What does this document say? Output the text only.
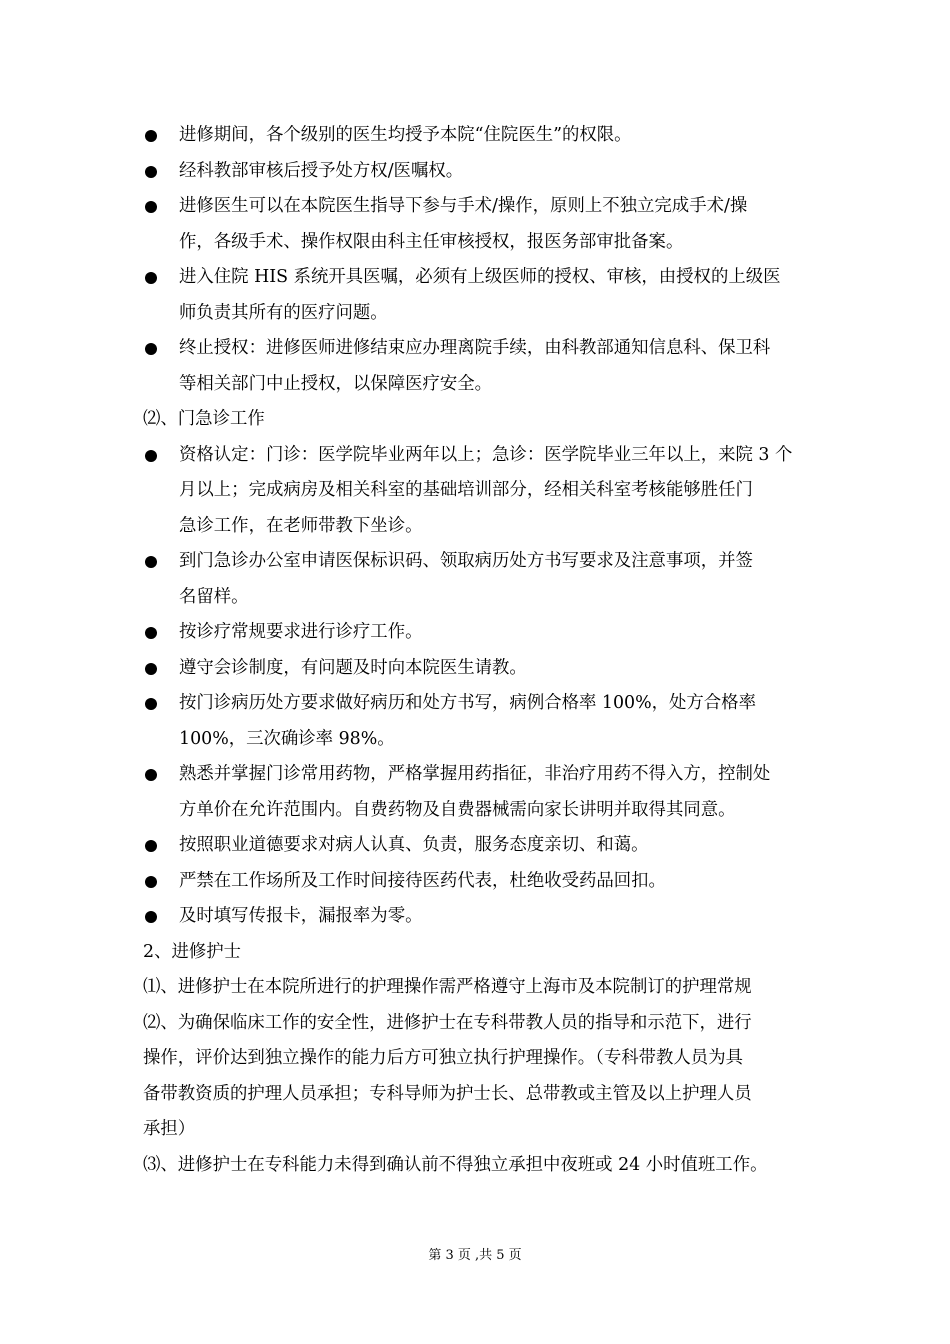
进修期间，各个级别的医生均授予本院“住院医生”的权限。
经科教部审核后授予处方权/医嘱权。
进修医生可以在本院医生指导下参与手术/操作，原则上不独立完成手术/操
作，各级手术、操作权限由科主任审核授权，报医务部审批备案。
进入住院 HIS 系统开具医嘱，必须有上级医师的授权、审核，由授权的上级医
师负责其所有的医疗问题。
终止授权：进修医师进修结束应办理离院手续，由科教部通知信息科、保卫科
等相关部门中止授权，以保障医疗安全。
⑵、门急诊工作
资格认定：门诊：医学院毕业两年以上；急诊：医学院毕业三年以上，来院 3 个
月以上；完成病房及相关科室的基础培训部分，经相关科室考核能够胜任门
急诊工作，在老师带教下坐诊。
到门急诊办公室申请医保标识码、领取病历处方书写要求及注意事项，并签
名留样。
按诊疗常规要求进行诊疗工作。
遵守会诊制度，有问题及时向本院医生请教。
按门诊病历处方要求做好病历和处方书写，病例合格率 100%，处方合格率
100%，三次确诊率 98%。
熟悉并掌握门诊常用药物，严格掌握用药指征，非治疗用药不得入方，控制处
方单价在允许范围内。自费药物及自费器械需向家长讲明并取得其同意。
按照职业道德要求对病人认真、负责，服务态度亲切、和蔼。
严禁在工作场所及工作时间接待医药代表，杜绝收受药品回扣。
及时填写传报卡，漏报率为零。
2、进修护士
⑴、进修护士在本院所进行的护理操作需严格遵守上海市及本院制订的护理常规
⑵、为确保临床工作的安全性，进修护士在专科带教人员的指导和示范下，进行
操作，评价达到独立操作的能力后方可独立执行护理操作。（专科带教人员为具
备带教资质的护理人员承担；专科导师为护士长、总带教或主管及以上护理人员
承担）
⑶、进修护士在专科能力未得到确认前不得独立承担中夜班或 24 小时值班工作。
第 3 页 ,共 5 页
